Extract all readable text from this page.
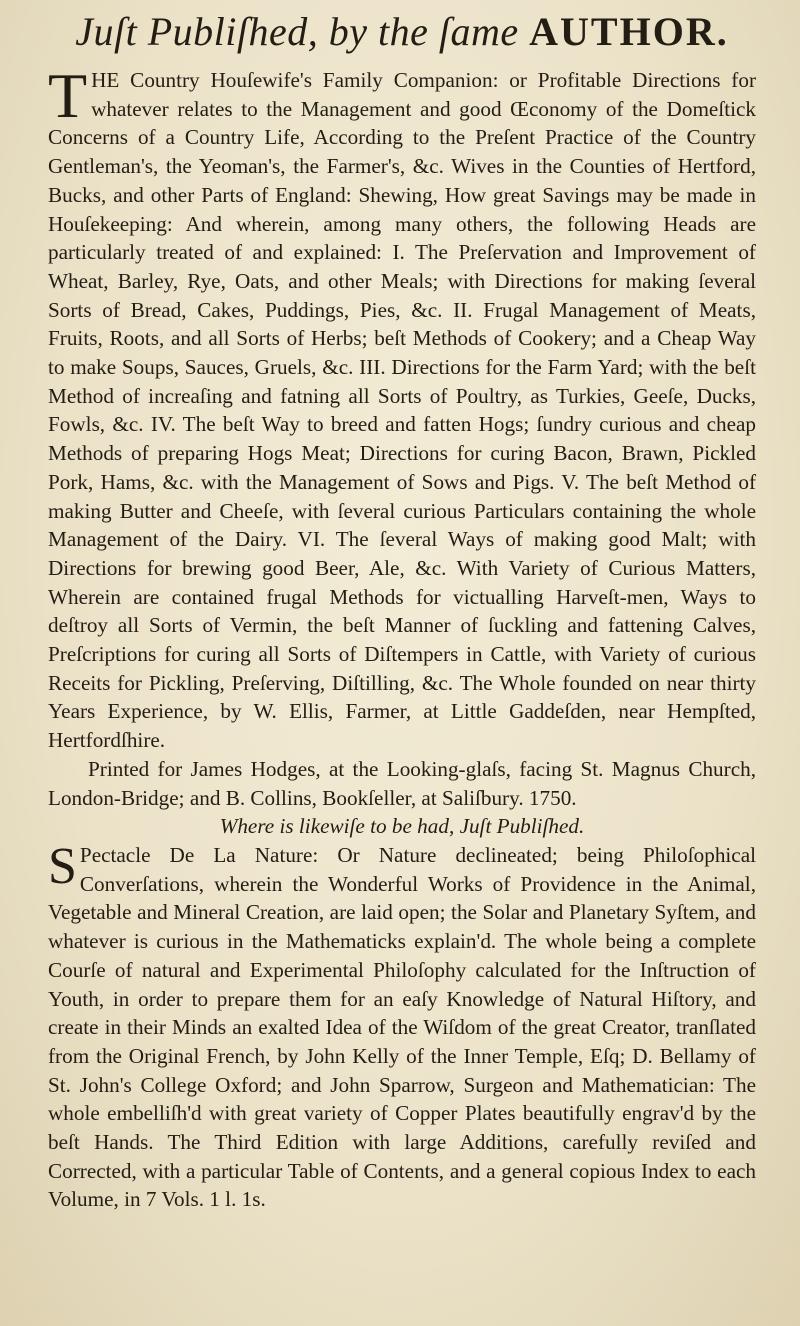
Juſt Publiſhed, by the ſame AUTHOR.

THE Country Houſewife's Family Companion: or Profitable Directions for whatever relates to the Management and good Œconomy of the Domeſtick Concerns of a Country Life, According to the Preſent Practice of the Country Gentleman's, the Yeoman's, the Farmer's, &c. Wives in the Counties of Hertford, Bucks, and other Parts of England: Shewing, How great Savings may be made in Houſekeeping: And wherein, among many others, the following Heads are particularly treated of and explained: I. The Preſervation and Improvement of Wheat, Barley, Rye, Oats, and other Meals; with Directions for making ſeveral Sorts of Bread, Cakes, Puddings, Pies, &c. II. Frugal Management of Meats, Fruits, Roots, and all Sorts of Herbs; beſt Methods of Cookery; and a Cheap Way to make Soups, Sauces, Gruels, &c. III. Directions for the Farm Yard; with the beſt Method of increaſing and fatning all Sorts of Poultry, as Turkies, Geeſe, Ducks, Fowls, &c. IV. The beſt Way to breed and fatten Hogs; ſundry curious and cheap Methods of preparing Hogs Meat; Directions for curing Bacon, Brawn, Pickled Pork, Hams, &c. with the Management of Sows and Pigs. V. The beſt Method of making Butter and Cheeſe, with ſeveral curious Particulars containing the whole Management of the Dairy. VI. The ſeveral Ways of making good Malt; with Directions for brewing good Beer, Ale, &c. With Variety of Curious Matters, Wherein are contained frugal Methods for victualling Harveſt-men, Ways to deſtroy all Sorts of Vermin, the beſt Manner of ſuckling and fattening Calves, Preſcriptions for curing all Sorts of Diſtempers in Cattle, with Variety of curious Receits for Pickling, Preſerving, Diſtilling, &c. The Whole founded on near thirty Years Experience, by W. Ellis, Farmer, at Little Gaddeſden, near Hempſted, Hertfordſhire.

Printed for James Hodges, at the Looking-glaſs, facing St. Magnus Church, London-Bridge; and B. Collins, Bookſeller, at Saliſbury. 1750.

Where is likewiſe to be had, Juſt Publiſhed.

S Pectacle De La Nature: Or Nature declineated; being Philoſophical Converſations, wherein the Wonderful Works of Providence in the Animal, Vegetable and Mineral Creation, are laid open; the Solar and Planetary Syſtem, and whatever is curious in the Mathematicks explain'd. The whole being a complete Courſe of natural and Experimental Philoſophy calculated for the Inſtruction of Youth, in order to prepare them for an eaſy Knowledge of Natural Hiſtory, and create in their Minds an exalted Idea of the Wiſdom of the great Creator, tranſlated from the Original French, by John Kelly of the Inner Temple, Eſq; D. Bellamy of St. John's College Oxford; and John Sparrow, Surgeon and Mathematician: The whole embelliſh'd with great variety of Copper Plates beautifully engrav'd by the beſt Hands. The Third Edition with large Additions, carefully reviſed and Corrected, with a particular Table of Contents, and a general copious Index to each Volume, in 7 Vols. 1 l. 1s.
